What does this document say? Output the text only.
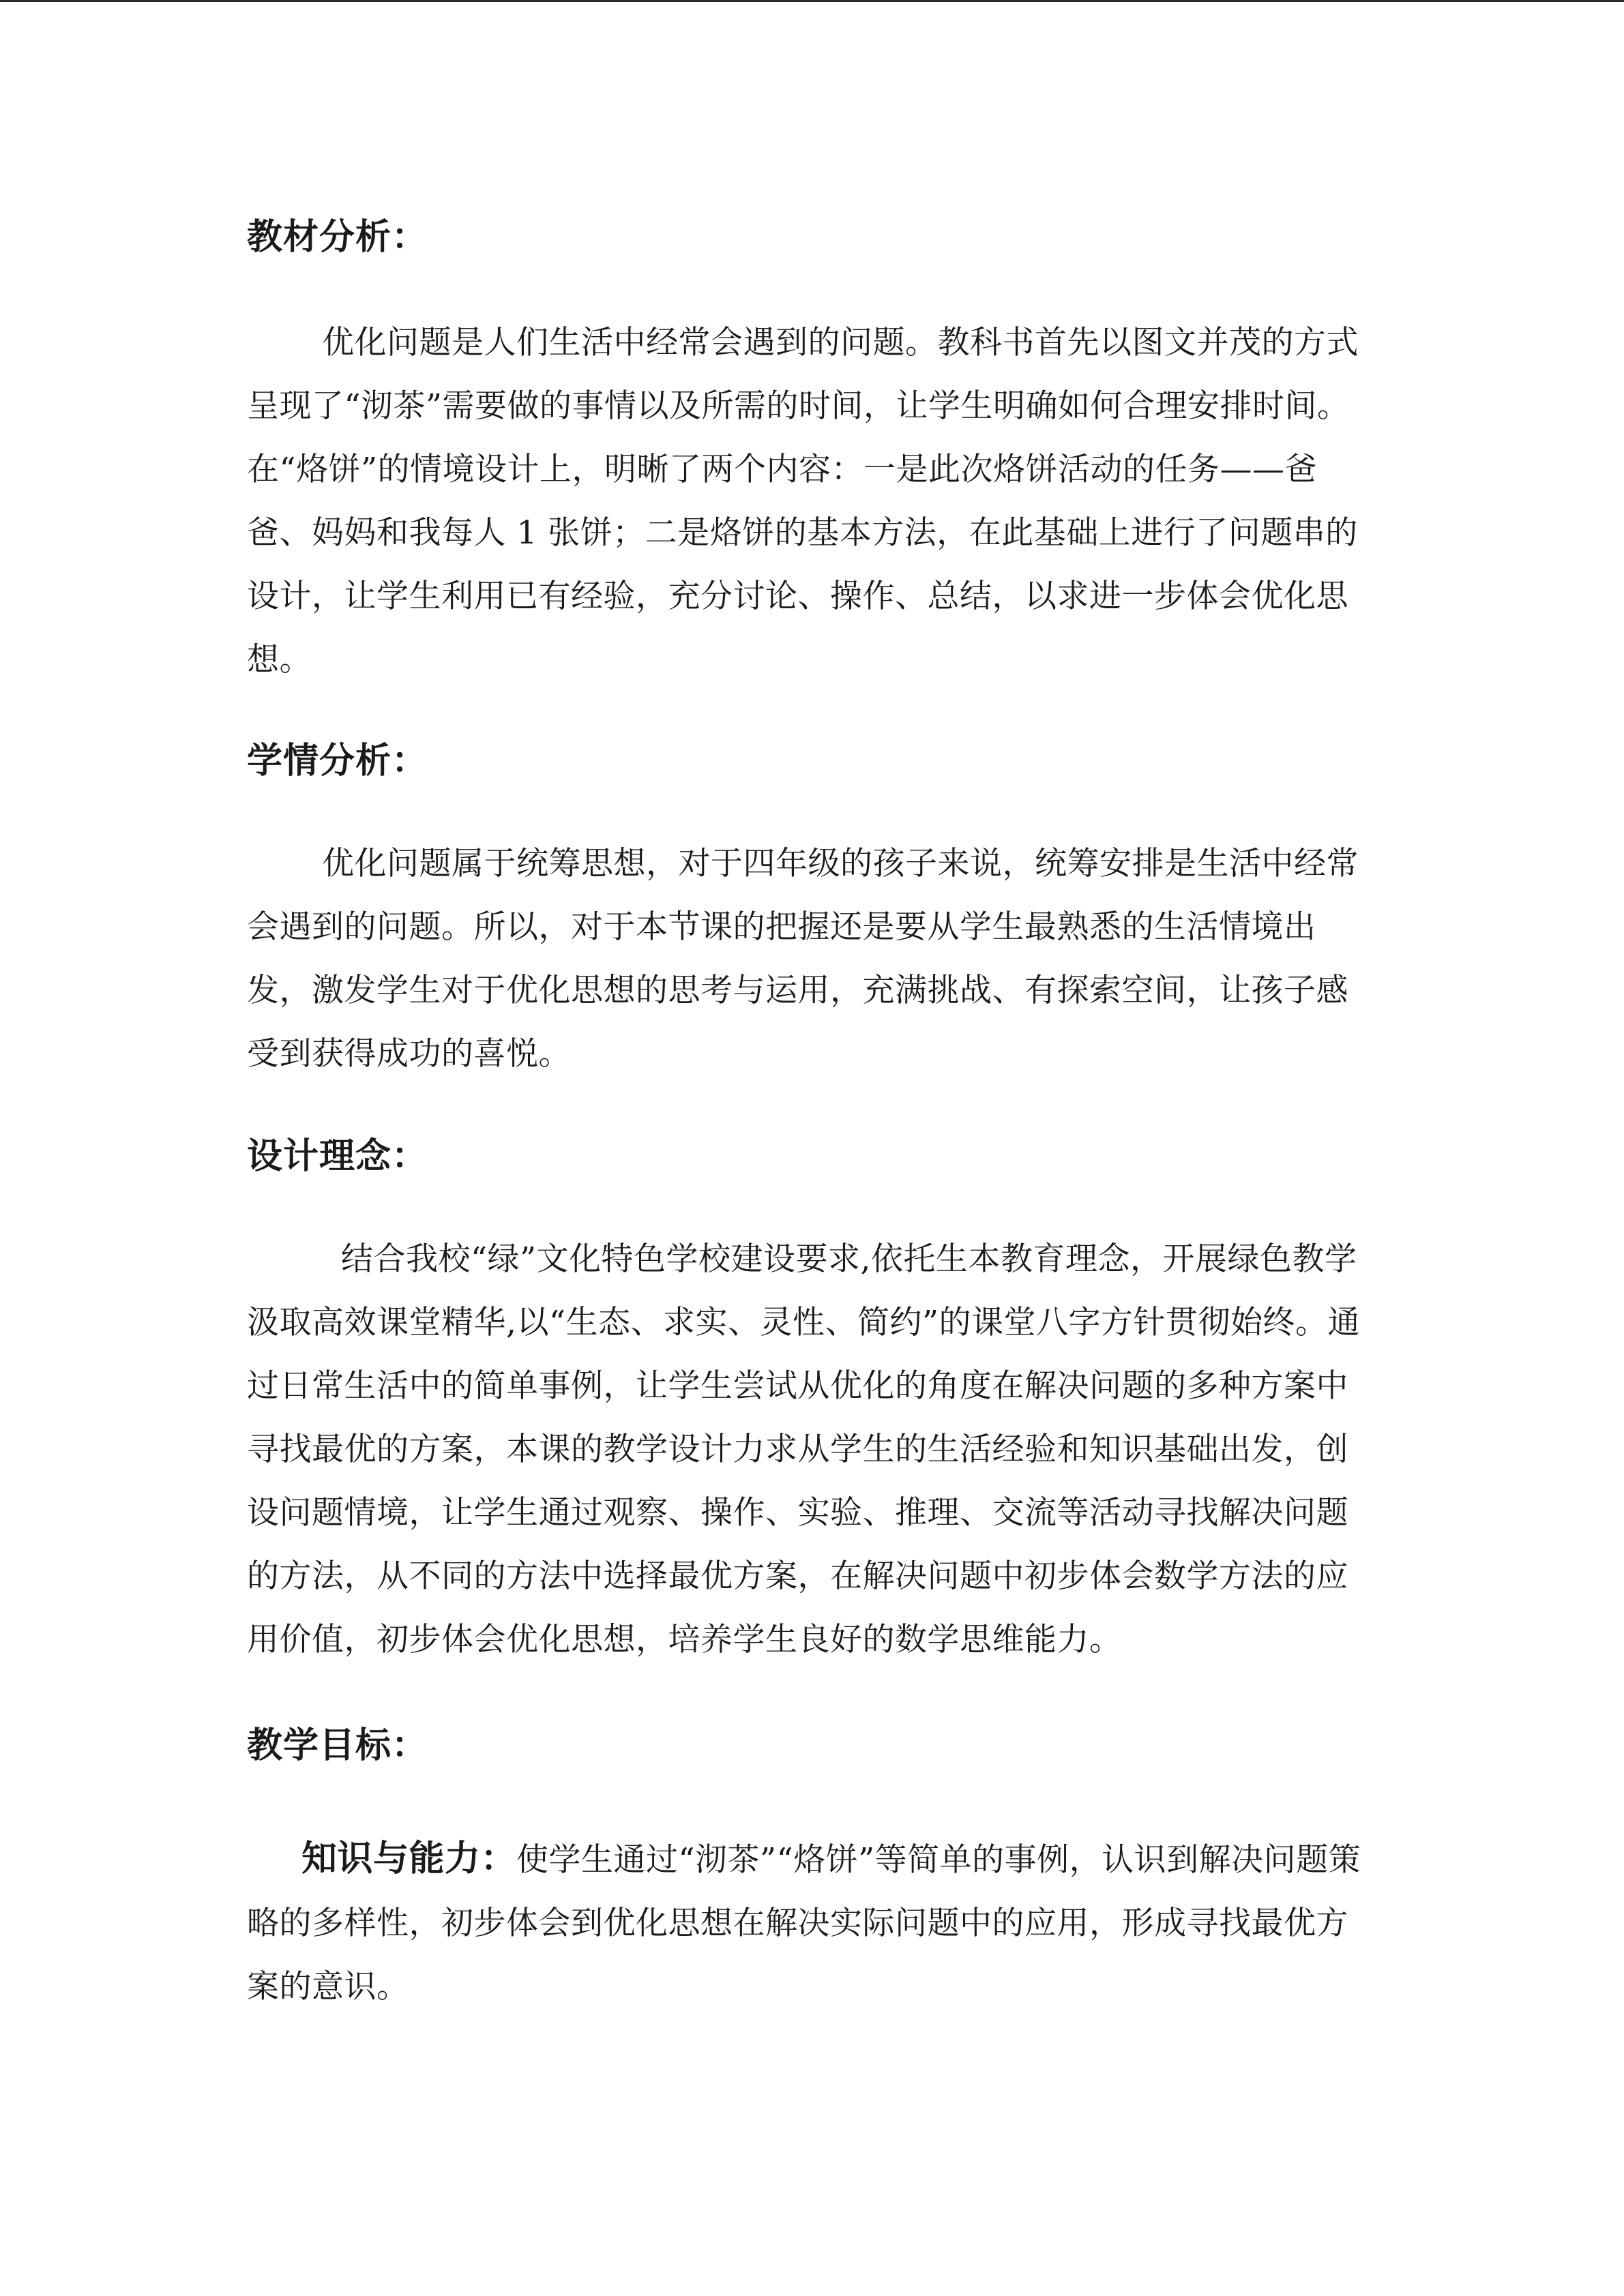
教材分析：

优化问题是人们生活中经常会遇到的问题。教科书首先以图文并茂的方式呈现了“沏茶”需要做的事情以及所需的时间，让学生明确如何合理安排时间。在“烙饼”的情境设计上，明晰了两个内容：一是此次烙饼活动的任务——爸爸、妈妈和我每人 1 张饼；二是烙饼的基本方法，在此基础上进行了问题串的设计，让学生利用已有经验，充分讨论、操作、总结，以求进一步体会优化思想。

学情分析：

优化问题属于统筹思想，对于四年级的孩子来说，统筹安排是生活中经常会遇到的问题。所以，对于本节课的把握还是要从学生最熟悉的生活情境出发，激发学生对于优化思想的思考与运用，充满挑战、有探索空间，让孩子感受到获得成功的喜悦。

设计理念：

结合我校“绿”文化特色学校建设要求,依托生本教育理念，开展绿色教学汲取高效课堂精华,以“生态、求实、灵性、简约”的课堂八字方针贯彻始终。通过日常生活中的简单事例，让学生尝试从优化的角度在解决问题的多种方案中寻找最优的方案，本课的教学设计力求从学生的生活经验和知识基础出发，创设问题情境，让学生通过观察、操作、实验、推理、交流等活动寻找解决问题的方法，从不同的方法中选择最优方案，在解决问题中初步体会数学方法的应用价值，初步体会优化思想，培养学生良好的数学思维能力。

教学目标：

知识与能力：使学生通过“沏茶”“烙饼”等简单的事例，认识到解决问题策略的多样性，初步体会到优化思想在解决实际问题中的应用，形成寻找最优方案的意识。
